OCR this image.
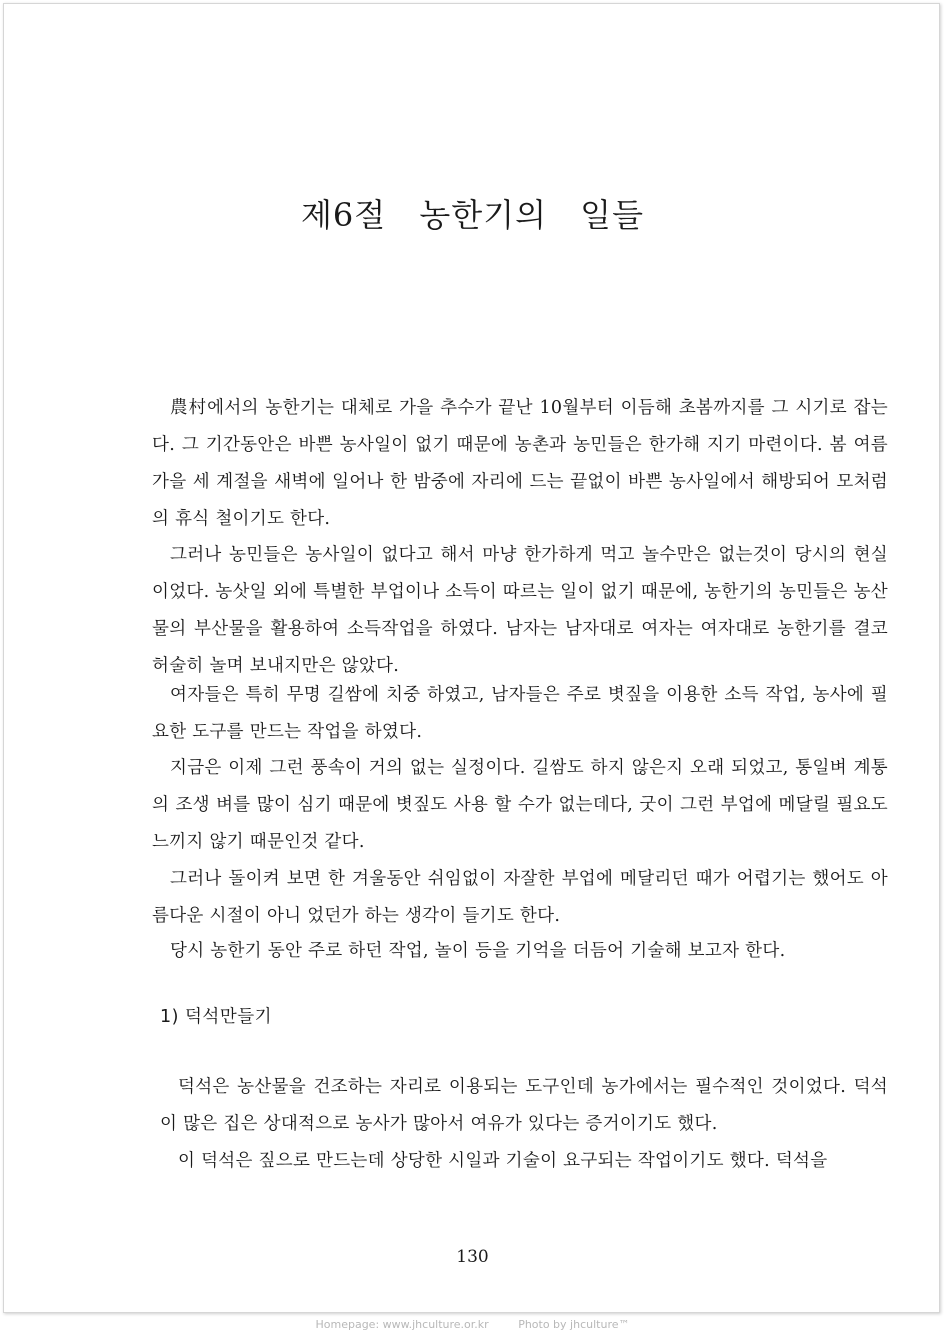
제6절 농한기의 일들

農村에서의 농한기는 대체로 가을 추수가 끝난 10월부터 이듬해 초봄까지를 그 시기로 잡는다. 그 기간동안은 바쁜 농사일이 없기 때문에 농촌과 농민들은 한가해 지기 마련이다. 봄 여름 가을 세 계절을 새벽에 일어나 한 밤중에 자리에 드는 끝없이 바쁜 농사일에서 해방되어 모처럼의 휴식 철이기도 한다.

그러나 농민들은 농사일이 없다고 해서 마냥 한가하게 먹고 놀수만은 없는것이 당시의 현실이었다. 농삿일 외에 특별한 부업이나 소득이 따르는 일이 없기 때문에, 농한기의 농민들은 농산물의 부산물을 활용하여 소득작업을 하였다. 남자는 남자대로 여자는 여자대로 농한기를 결코 허술히 놀며 보내지만은 않았다.

여자들은 특히 무명 길쌈에 치중 하였고, 남자들은 주로 볏짚을 이용한 소득 작업, 농사에 필요한 도구를 만드는 작업을 하였다.

지금은 이제 그런 풍속이 거의 없는 실정이다. 길쌈도 하지 않은지 오래 되었고, 통일벼 계통의 조생 벼를 많이 심기 때문에 볏짚도 사용 할 수가 없는데다, 굿이 그런 부업에 메달릴 필요도 느끼지 않기 때문인것 같다.

그러나 돌이켜 보면 한 겨울동안 쉬임없이 자잘한 부업에 메달리던 때가 어렵기는 했어도 아름다운 시절이 아니 었던가 하는 생각이 들기도 한다.

당시 농한기 동안 주로 하던 작업, 놀이 등을 기억을 더듬어 기술해 보고자 한다.

1) 덕석만들기

덕석은 농산물을 건조하는 자리로 이용되는 도구인데 농가에서는 필수적인 것이었다. 덕석이 많은 집은 상대적으로 농사가 많아서 여유가 있다는 증거이기도 했다.

이 덕석은 짚으로 만드는데 상당한 시일과 기술이 요구되는 작업이기도 했다. 덕석을

130
Homepage: www.jhculture.or.kr	Photo by jhculture™
